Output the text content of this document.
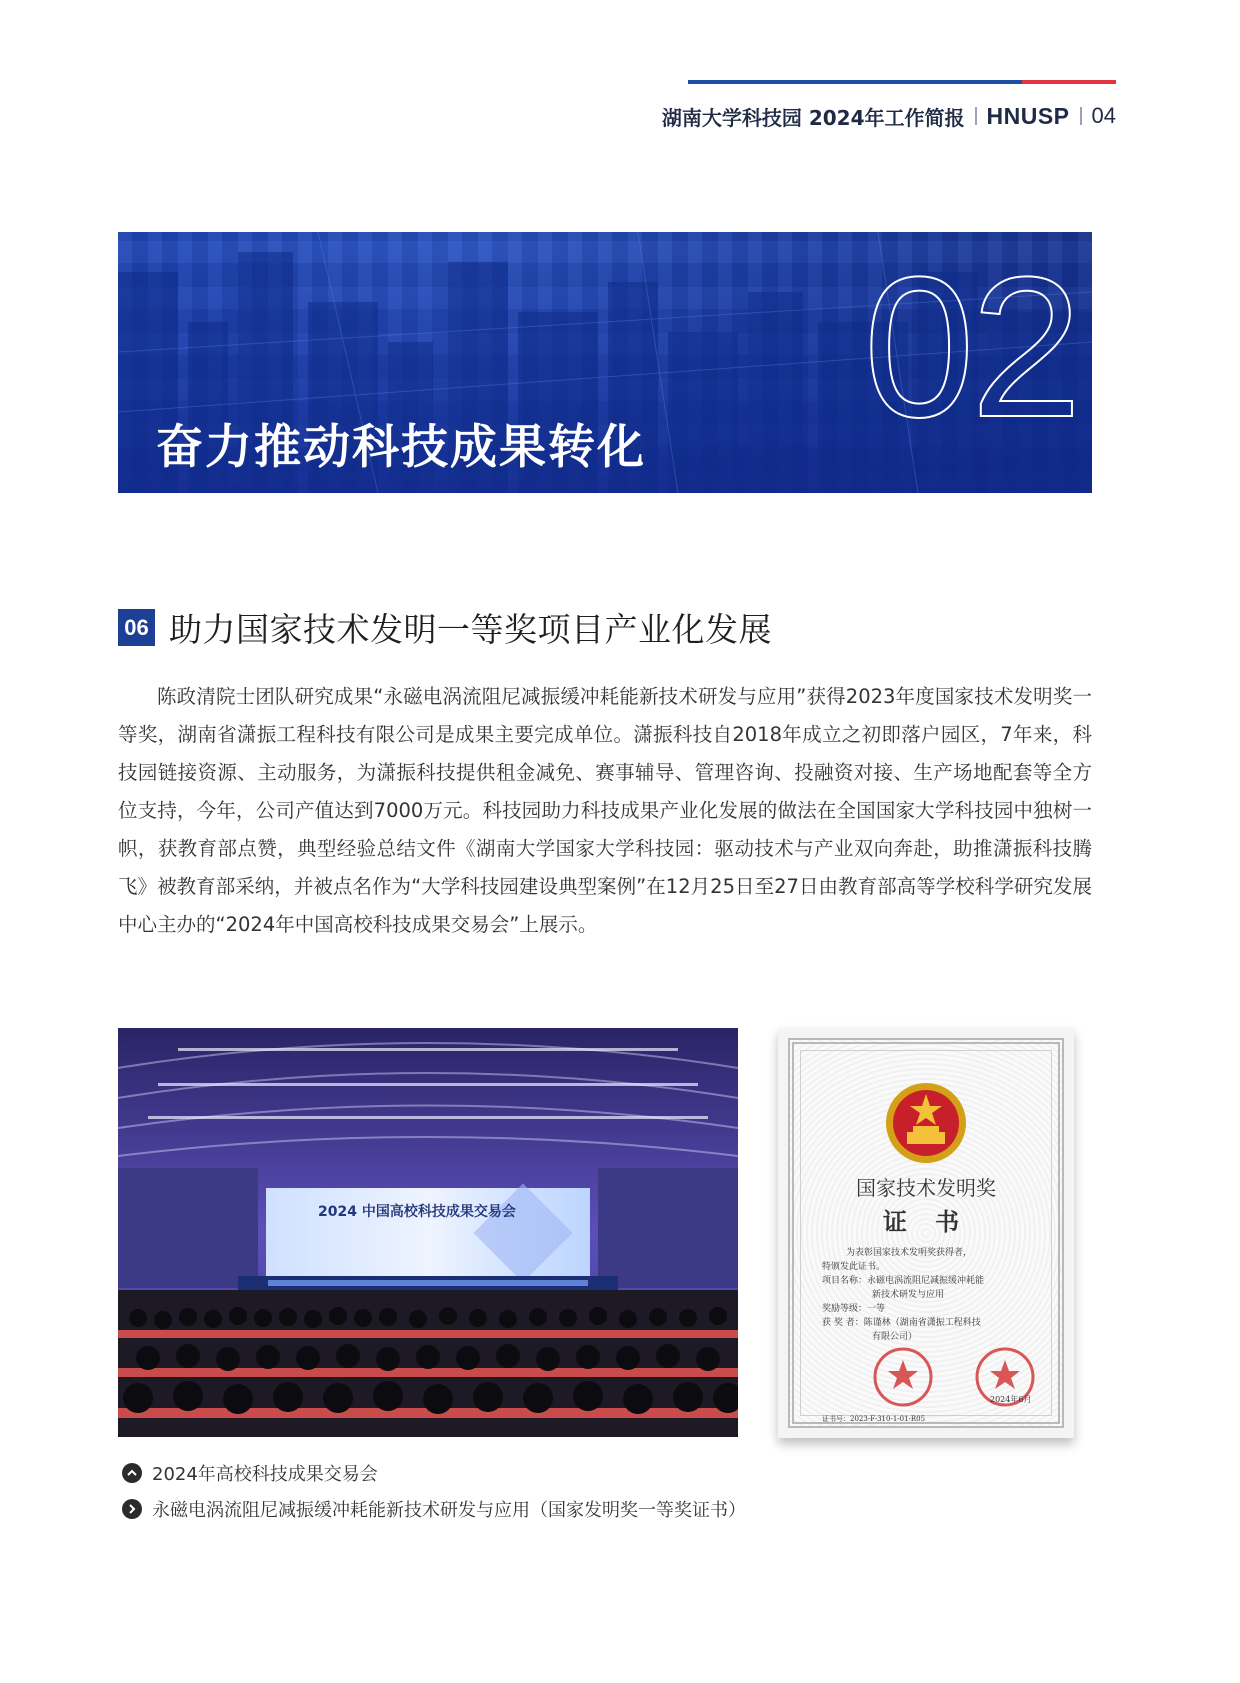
湖南大学科技园 2024年工作简报 HNUSP 04
奋力推动科技成果转化 02
06 助力国家技术发明一等奖项目产业化发展

陈政清院士团队研究成果“永磁电涡流阻尼减振缓冲耗能新技术研发与应用”获得2023年度国家技术发明奖一等奖，湖南省潇振工程科技有限公司是成果主要完成单位。潇振科技自2018年成立之初即落户园区，7年来，科技园链接资源、主动服务，为潇振科技提供租金减免、赛事辅导、管理咨询、投融资对接、生产场地配套等全方位支持，今年，公司产值达到7000万元。科技园助力科技成果产业化发展的做法在全国国家大学科技园中独树一帜，获教育部点赞，典型经验总结文件《湖南大学国家大学科技园：驱动技术与产业双向奔赴，助推潇振科技腾飞》被教育部采纳，并被点名作为“大学科技园建设典型案例”在12月25日至27日由教育部高等学校科学研究发展中心主办的“2024年中国高校科技成果交易会”上展示。

2024 中国高校科技成果交易会
国家技术发明奖
证 书
为表彰国家技术发明奖获得者，
特颁发此证书。
项目名称：永磁电涡流阻尼减振缓冲耗能
新技术研发与应用
奖励等级：一等
获 奖 者：陈谨林（湖南省潇振工程科技
有限公司）
2024年6月
证书号：2023-F-310-1-01-R05
2024年高校科技成果交易会
永磁电涡流阻尼减振缓冲耗能新技术研发与应用（国家发明奖一等奖证书）
